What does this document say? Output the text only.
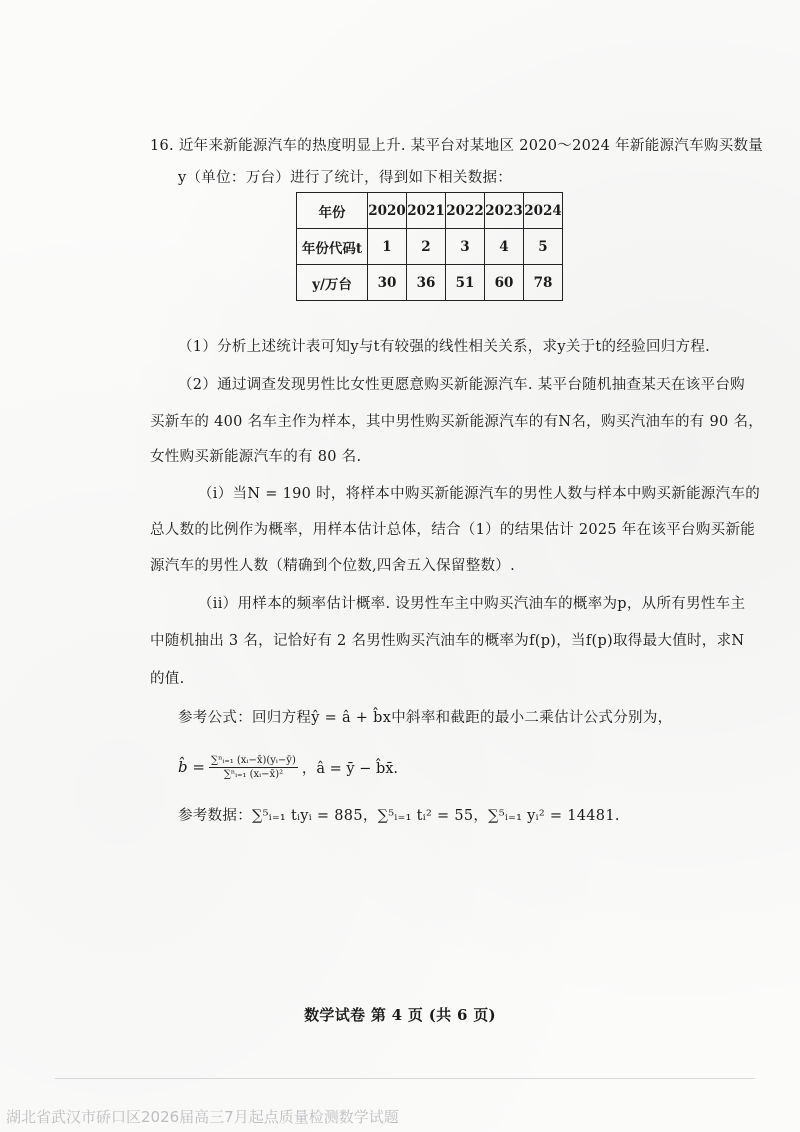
16. 近年来新能源汽车的热度明显上升. 某平台对某地区 2020～2024 年新能源汽车购买数量
y（单位：万台）进行了统计，得到如下相关数据：
年份	2020	2021	2022	2023	2024
年份代码t	1	2	3	4	5
y/万台	30	36	51	60	78
（1）分析上述统计表可知y与t有较强的线性相关关系，求y关于t的经验回归方程.
（2）通过调查发现男性比女性更愿意购买新能源汽车. 某平台随机抽查某天在该平台购
买新车的 400 名车主作为样本，其中男性购买新能源汽车的有N名，购买汽油车的有 90 名，
女性购买新能源汽车的有 80 名.
（i）当N = 190 时，将样本中购买新能源汽车的男性人数与样本中购买新能源汽车的
总人数的比例作为概率，用样本估计总体，结合（1）的结果估计 2025 年在该平台购买新能
源汽车的男性人数（精确到个位数,四舍五入保留整数）.
（ii）用样本的频率估计概率. 设男性车主中购买汽油车的概率为p，从所有男性车主
中随机抽出 3 名，记恰好有 2 名男性购买汽油车的概率为f(p)，当f(p)取得最大值时，求N
的值.
参考公式：回归方程ŷ = â + b̂x中斜率和截距的最小二乘估计公式分别为，
b̂ = $\frac{\text{∑ⁿᵢ₌₁ (xᵢ−x̄)(yᵢ−ȳ)}}{\text{∑ⁿᵢ₌₁ (xᵢ−x̄)²}}$ ，â = ȳ − b̂x̄.
参考数据：∑⁵ᵢ₌₁ tᵢyᵢ = 885，∑⁵ᵢ₌₁ tᵢ² = 55，∑⁵ᵢ₌₁ yᵢ² = 14481.
数学试卷 第 4 页 (共 6 页)
湖北省武汉市硚口区2026届高三7月起点质量检测数学试题
